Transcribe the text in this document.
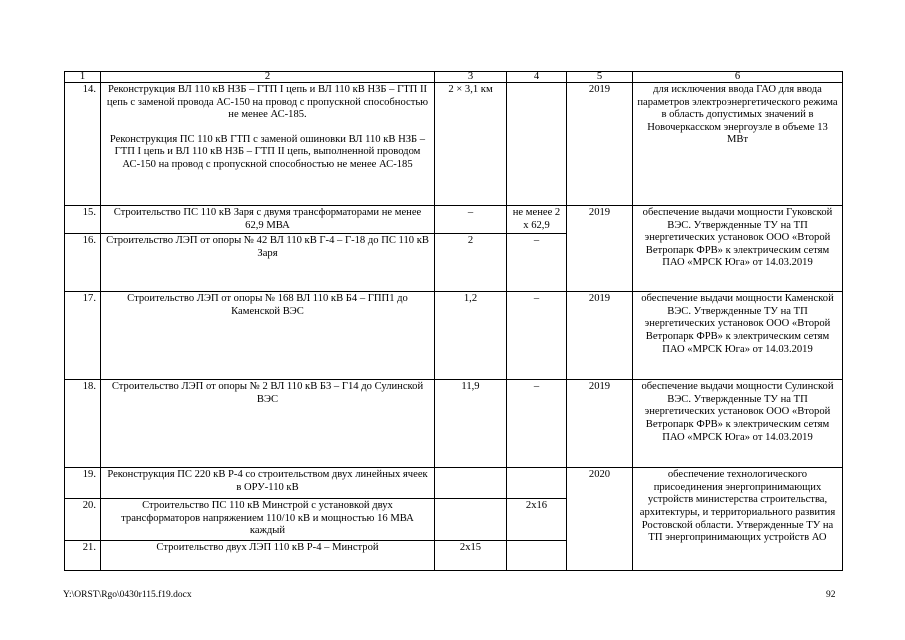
1	2	3	4	5	6
14.	Реконструкция ВЛ 110 кВ НЗБ – ГТП I цепь и ВЛ 110 кВ НЗБ – ГТП II цепь с заменой провода АС-150 на провод с пропускной способностью не менее АС-185.
Реконструкция ПС 110 кВ ГТП с заменой ошиновки ВЛ 110 кВ НЗБ – ГТП I цепь и ВЛ 110 кВ НЗБ – ГТП II цепь, выполненной проводом АС-150 на провод с пропускной способностью не менее АС-185	2 × 3,1 км		2019	для исключения ввода ГАО для ввода параметров электроэнергетического режима в область допустимых значений в Новочеркасском энергоузле в объеме 13 МВт
15.	Строительство ПС 110 кВ Заря с двумя трансформаторами не менее 62,9 МВА	–	не менее 2 x 62,9	2019	обеспечение выдачи мощности Гуковской ВЭС. Утвержденные ТУ на ТП энергетических установок ООО «Второй Ветропарк ФРВ» к электрическим сетям ПАО «МРСК Юга» от 14.03.2019
16.	Строительство ЛЭП от опоры № 42 ВЛ 110 кВ Г-4 – Г-18 до ПС 110 кВ Заря	2	–		
17.	Строительство ЛЭП от опоры № 168 ВЛ 110 кВ Б4 – ГПП1 до Каменской ВЭС	1,2	–	2019	обеспечение выдачи мощности Каменской ВЭС. Утвержденные ТУ на ТП энергетических установок ООО «Второй Ветропарк ФРВ» к электрическим сетям ПАО «МРСК Юга» от 14.03.2019
18.	Строительство ЛЭП от опоры № 2 ВЛ 110 кВ Б3 – Г14 до Сулинской ВЭС	11,9	–	2019	обеспечение выдачи мощности Сулинской ВЭС. Утвержденные ТУ на ТП энергетических установок ООО «Второй Ветропарк ФРВ» к электрическим сетям ПАО «МРСК Юга» от 14.03.2019
19.	Реконструкция ПС 220 кВ Р-4 со строительством двух линейных ячеек в ОРУ-110 кВ			2020	обеспечение технологического присоединения энергопринимающих устройств министерства строительства, архитектуры, и территориального развития Ростовской области. Утвержденные ТУ на ТП энергопринимающих устройств АО
20.	Строительство ПС 110 кВ Минстрой с установкой двух трансформаторов напряжением 110/10 кВ и мощностью 16 МВА каждый		2x16		
21.	Строительство двух ЛЭП 110 кВ Р-4 – Минстрой	2x15			
Y:\ORST\Rgo\0430r115.f19.docx	92
